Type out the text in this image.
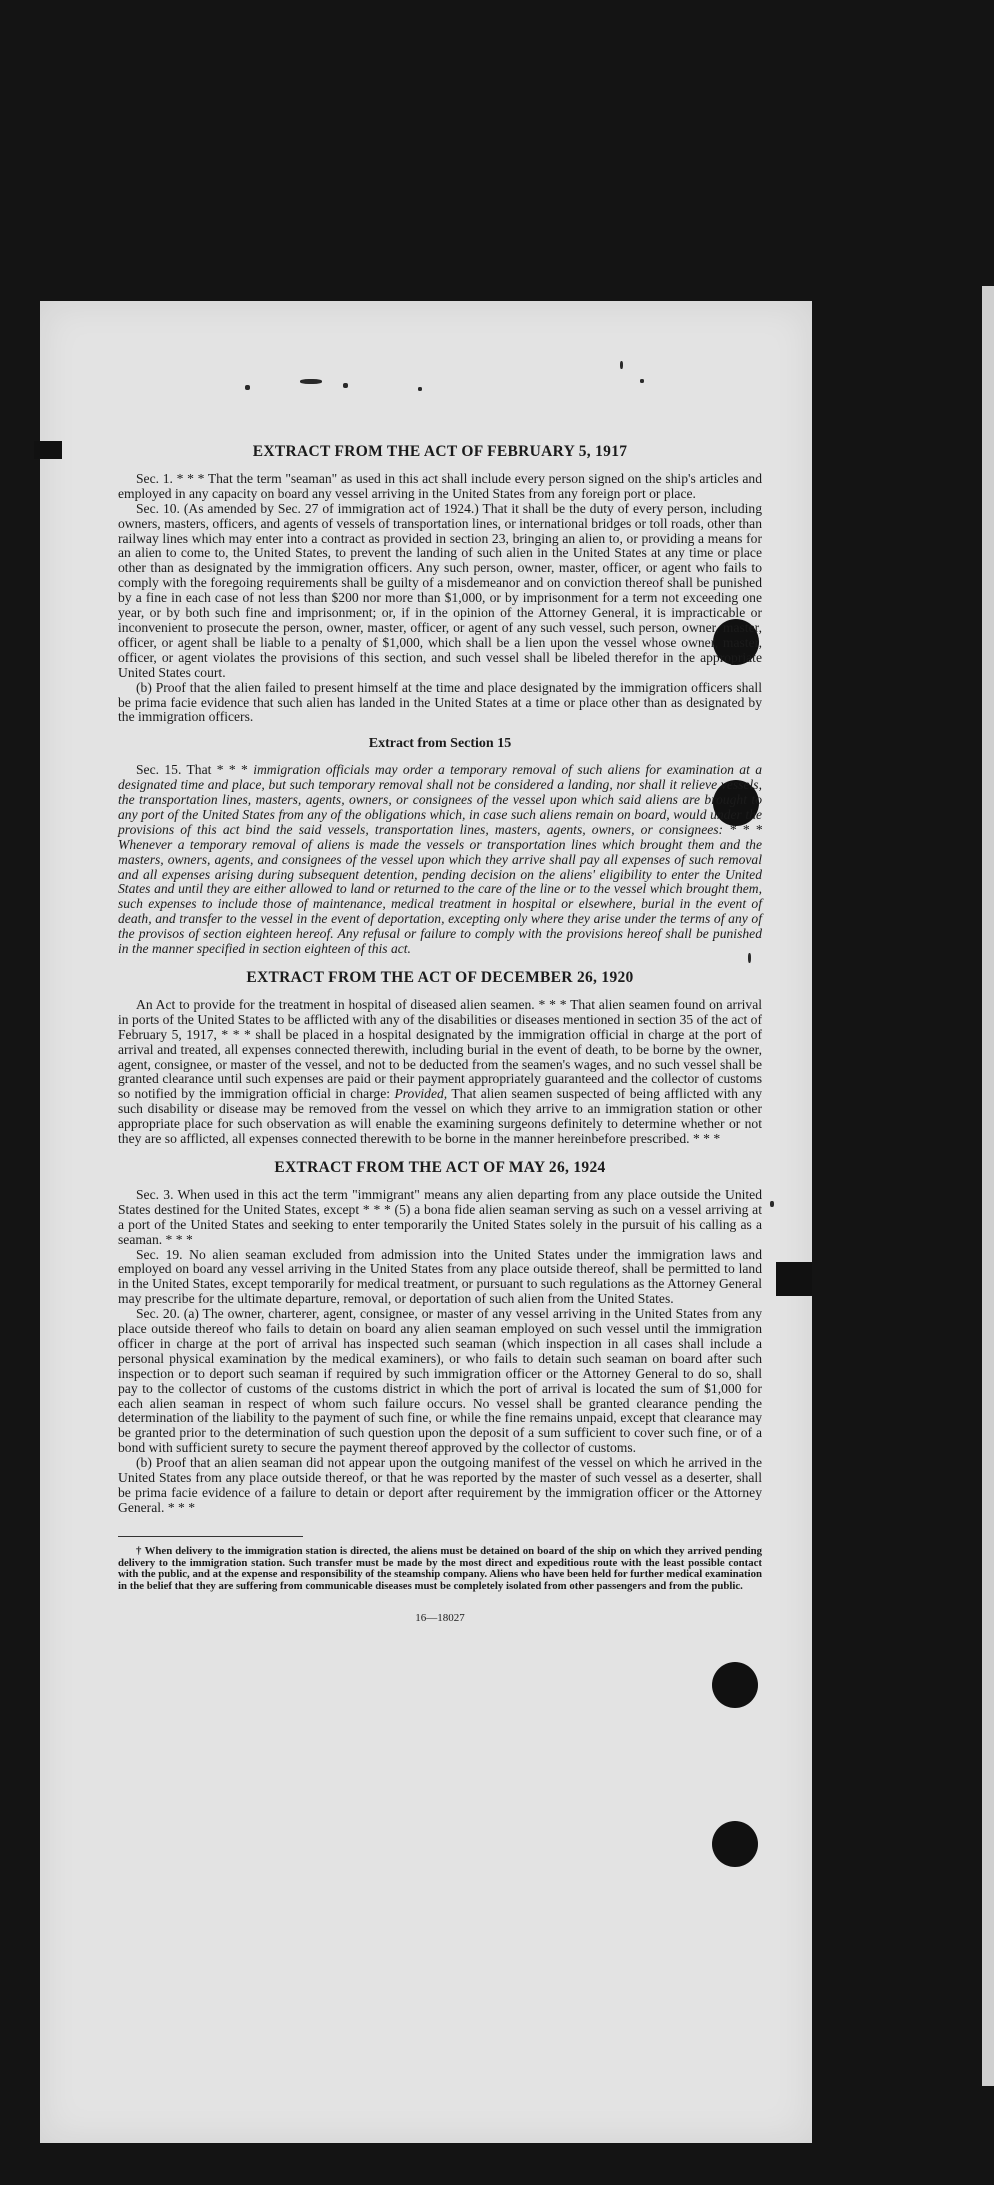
EXTRACT FROM THE ACT OF FEBRUARY 5, 1917

Sec. 1. * * * That the term "seaman" as used in this act shall include every person signed on the ship's articles and employed in any capacity on board any vessel arriving in the United States from any foreign port or place.

Sec. 10. (As amended by Sec. 27 of immigration act of 1924.) That it shall be the duty of every person, including owners, masters, officers, and agents of vessels of transportation lines, or international bridges or toll roads, other than railway lines which may enter into a contract as provided in section 23, bringing an alien to, or providing a means for an alien to come to, the United States, to prevent the landing of such alien in the United States at any time or place other than as designated by the immigration officers. Any such person, owner, master, officer, or agent who fails to comply with the foregoing requirements shall be guilty of a misdemeanor and on conviction thereof shall be punished by a fine in each case of not less than $200 nor more than $1,000, or by imprisonment for a term not exceeding one year, or by both such fine and imprisonment; or, if in the opinion of the Attorney General, it is impracticable or inconvenient to prosecute the person, owner, master, officer, or agent of any such vessel, such person, owner, master, officer, or agent shall be liable to a penalty of $1,000, which shall be a lien upon the vessel whose owner, master, officer, or agent violates the provisions of this section, and such vessel shall be libeled therefor in the appropriate United States court.

(b) Proof that the alien failed to present himself at the time and place designated by the immigration officers shall be prima facie evidence that such alien has landed in the United States at a time or place other than as designated by the immigration officers.

Extract from Section 15

Sec. 15. That * * * immigration officials may order a temporary removal of such aliens for examination at a designated time and place, but such temporary removal shall not be considered a landing, nor shall it relieve vessels, the transportation lines, masters, agents, owners, or consignees of the vessel upon which said aliens are brought to any port of the United States from any of the obligations which, in case such aliens remain on board, would under the provisions of this act bind the said vessels, transportation lines, masters, agents, owners, or consignees: * * * Whenever a temporary removal of aliens is made the vessels or transportation lines which brought them and the masters, owners, agents, and consignees of the vessel upon which they arrive shall pay all expenses of such removal and all expenses arising during subsequent detention, pending decision on the aliens' eligibility to enter the United States and until they are either allowed to land or returned to the care of the line or to the vessel which brought them, such expenses to include those of maintenance, medical treatment in hospital or elsewhere, burial in the event of death, and transfer to the vessel in the event of deportation, excepting only where they arise under the terms of any of the provisos of section eighteen hereof. Any refusal or failure to comply with the provisions hereof shall be punished in the manner specified in section eighteen of this act.

EXTRACT FROM THE ACT OF DECEMBER 26, 1920

An Act to provide for the treatment in hospital of diseased alien seamen. * * * That alien seamen found on arrival in ports of the United States to be afflicted with any of the disabilities or diseases mentioned in section 35 of the act of February 5, 1917, * * * shall be placed in a hospital designated by the immigration official in charge at the port of arrival and treated, all expenses connected therewith, including burial in the event of death, to be borne by the owner, agent, consignee, or master of the vessel, and not to be deducted from the seamen's wages, and no such vessel shall be granted clearance until such expenses are paid or their payment appropriately guaranteed and the collector of customs so notified by the immigration official in charge: Provided, That alien seamen suspected of being afflicted with any such disability or disease may be removed from the vessel on which they arrive to an immigration station or other appropriate place for such observation as will enable the examining surgeons definitely to determine whether or not they are so afflicted, all expenses connected therewith to be borne in the manner hereinbefore prescribed. * * *

EXTRACT FROM THE ACT OF MAY 26, 1924

Sec. 3. When used in this act the term "immigrant" means any alien departing from any place outside the United States destined for the United States, except * * * (5) a bona fide alien seaman serving as such on a vessel arriving at a port of the United States and seeking to enter temporarily the United States solely in the pursuit of his calling as a seaman. * * *

Sec. 19. No alien seaman excluded from admission into the United States under the immigration laws and employed on board any vessel arriving in the United States from any place outside thereof, shall be permitted to land in the United States, except temporarily for medical treatment, or pursuant to such regulations as the Attorney General may prescribe for the ultimate departure, removal, or deportation of such alien from the United States.

Sec. 20. (a) The owner, charterer, agent, consignee, or master of any vessel arriving in the United States from any place outside thereof who fails to detain on board any alien seaman employed on such vessel until the immigration officer in charge at the port of arrival has inspected such seaman (which inspection in all cases shall include a personal physical examination by the medical examiners), or who fails to detain such seaman on board after such inspection or to deport such seaman if required by such immigration officer or the Attorney General to do so, shall pay to the collector of customs of the customs district in which the port of arrival is located the sum of $1,000 for each alien seaman in respect of whom such failure occurs. No vessel shall be granted clearance pending the determination of the liability to the payment of such fine, or while the fine remains unpaid, except that clearance may be granted prior to the determination of such question upon the deposit of a sum sufficient to cover such fine, or of a bond with sufficient surety to secure the payment thereof approved by the collector of customs.

(b) Proof that an alien seaman did not appear upon the outgoing manifest of the vessel on which he arrived in the United States from any place outside thereof, or that he was reported by the master of such vessel as a deserter, shall be prima facie evidence of a failure to detain or deport after requirement by the immigration officer or the Attorney General. * * *

† When delivery to the immigration station is directed, the aliens must be detained on board of the ship on which they arrived pending delivery to the immigration station. Such transfer must be made by the most direct and expeditious route with the least possible contact with the public, and at the expense and responsibility of the steamship company. Aliens who have been held for further medical examination in the belief that they are suffering from communicable diseases must be completely isolated from other passengers and from the public.

16—18027
